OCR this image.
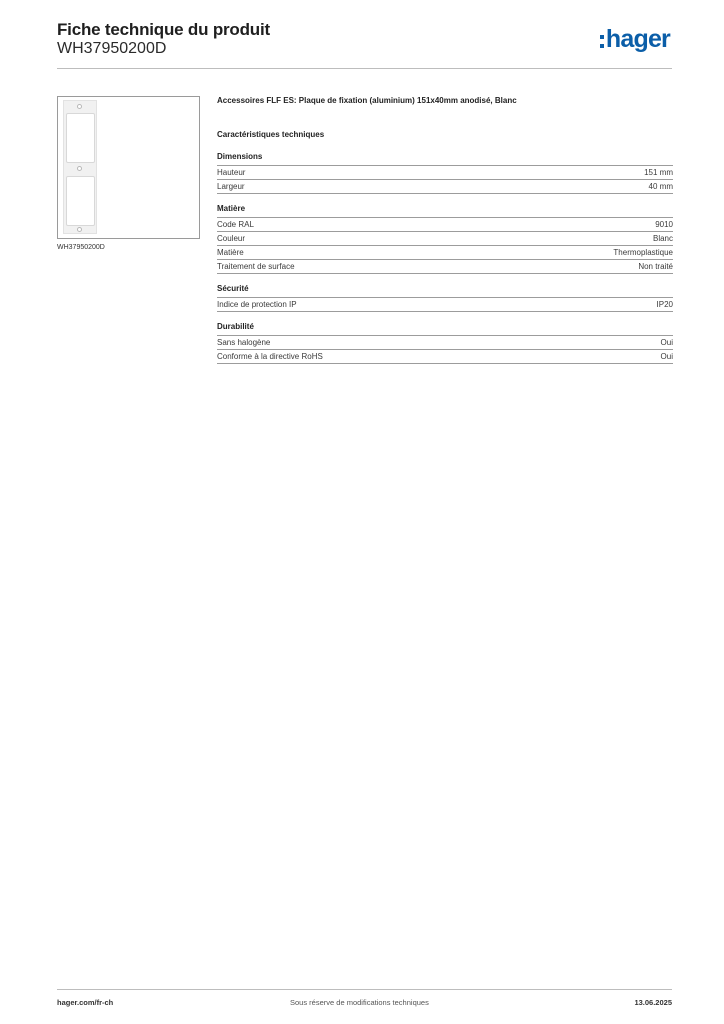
Fiche technique du produit
WH37950200D	hager
WH37950200D
Accessoires FLF ES: Plaque de fixation (aluminium) 151x40mm anodisé, Blanc
Caractéristiques techniques
Dimensions
Hauteur	151 mm
Largeur	40 mm
Matière
Code RAL	9010
Couleur	Blanc
Matière	Thermoplastique
Traitement de surface	Non traité
Sécurité
Indice de protection IP	IP20
Durabilité
Sans halogène	Oui
Conforme à la directive RoHS	Oui
hager.com/fr-ch	Sous réserve de modifications techniques	13.06.2025
